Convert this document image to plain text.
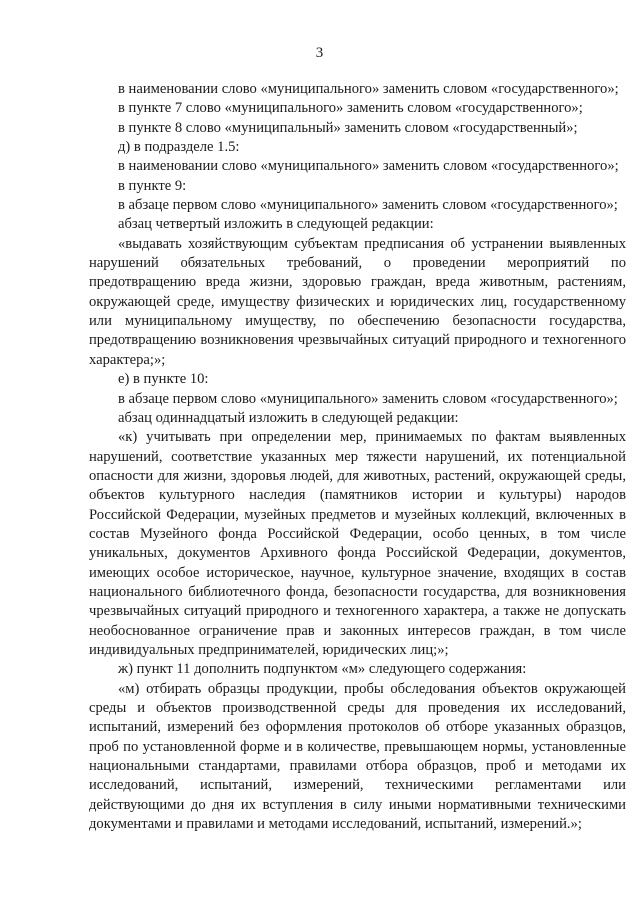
3

в наименовании слово «муниципального» заменить словом «государственного»;

в пункте 7 слово «муниципального» заменить словом «государственного»;

в пункте 8 слово «муниципальный» заменить словом «государственный»;

д) в подразделе 1.5:

в наименовании слово «муниципального» заменить словом «государственного»;

в пункте 9:

в абзаце первом слово «муниципального» заменить словом «государственного»;

абзац четвертый изложить в следующей редакции:

«выдавать хозяйствующим субъектам предписания об устранении выявленных нарушений обязательных требований, о проведении мероприятий по предотвращению вреда жизни, здоровью граждан, вреда животным, растениям, окружающей среде, имуществу физических и юридических лиц, государственному или муниципальному имуществу, по обеспечению безопасности государства, предотвращению возникновения чрезвычайных ситуаций природного и техногенного характера;»;

е) в пункте 10:

в абзаце первом слово «муниципального» заменить словом «государственного»;

абзац одиннадцатый изложить в следующей редакции:

«к) учитывать при определении мер, принимаемых по фактам выявленных нарушений, соответствие указанных мер тяжести нарушений, их потенциальной опасности для жизни, здоровья людей, для животных, растений, окружающей среды, объектов культурного наследия (памятников истории и культуры) народов Российской Федерации, музейных предметов и музейных коллекций, включенных в состав Музейного фонда Российской Федерации, особо ценных, в том числе уникальных, документов Архивного фонда Российской Федерации, документов, имеющих особое историческое, научное, культурное значение, входящих в состав национального библиотечного фонда, безопасности государства, для возникновения чрезвычайных ситуаций природного и техногенного характера, а также не допускать необоснованное ограничение прав и законных интересов граждан, в том числе индивидуальных предпринимателей, юридических лиц;»;

ж) пункт 11 дополнить подпунктом «м» следующего содержания:

«м) отбирать образцы продукции, пробы обследования объектов окружающей среды и объектов производственной среды для проведения их исследований, испытаний, измерений без оформления протоколов об отборе указанных образцов, проб по установленной форме и в количестве, превышающем нормы, установленные национальными стандартами, правилами отбора образцов, проб и методами их исследований, испытаний, измерений, техническими регламентами или действующими до дня их вступления в силу иными нормативными техническими документами и правилами и методами исследований, испытаний, измерений.»;
